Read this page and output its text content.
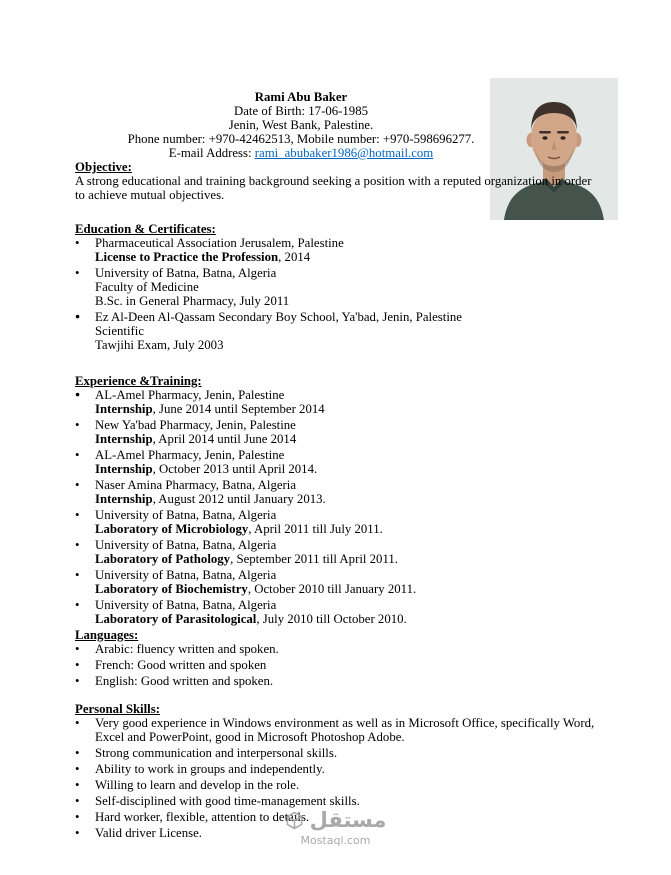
Rami Abu Baker
Date of Birth: 17-06-1985
Jenin, West Bank, Palestine.
Phone number: +970-42462513, Mobile number: +970-598696277.
E-mail Address: rami_abubaker1986@hotmail.com
Objective:

A strong educational and training background seeking a position with a reputed organization in order to achieve mutual objectives.

Education & Certificates:
•	Pharmaceutical Association Jerusalem, Palestine
License to Practice the Profession, 2014
•	University of Batna, Batna, Algeria
Faculty of Medicine
B.Sc. in General Pharmacy, July 2011
●	Ez Al-Deen Al-Qassam Secondary Boy School, Ya'bad, Jenin, Palestine
Scientific
Tawjihi Exam, July 2003
Experience &Training:
●	AL-Amel Pharmacy, Jenin, Palestine
Internship, June 2014 until September 2014
•	New Ya'bad Pharmacy, Jenin, Palestine
Internship, April 2014 until June 2014
•	AL-Amel Pharmacy, Jenin, Palestine
Internship, October 2013 until April 2014.
•	Naser Amina Pharmacy, Batna, Algeria
Internship, August 2012 until January 2013.
•	University of Batna, Batna, Algeria
Laboratory of Microbiology, April 2011 till July 2011.
•	University of Batna, Batna, Algeria
Laboratory of Pathology, September 2011 till April 2011.
•	University of Batna, Batna, Algeria
Laboratory of Biochemistry, October 2010 till January 2011.
•	University of Batna, Batna, Algeria
Laboratory of Parasitological, July 2010 till October 2010.
Languages:
•	Arabic: fluency written and spoken.
•	French: Good written and spoken
•	English: Good written and spoken.
Personal Skills:
•	Very good experience in Windows environment as well as in Microsoft Office, specifically Word, Excel and PowerPoint, good in Microsoft Photoshop Adobe.
•	Strong communication and interpersonal skills.
•	Ability to work in groups and independently.
•	Willing to learn and develop in the role.
•	Self-disciplined with good time-management skills.
•	Hard worker, flexible, attention to details.
•	Valid driver License.
مستقل
Mostaql.com
